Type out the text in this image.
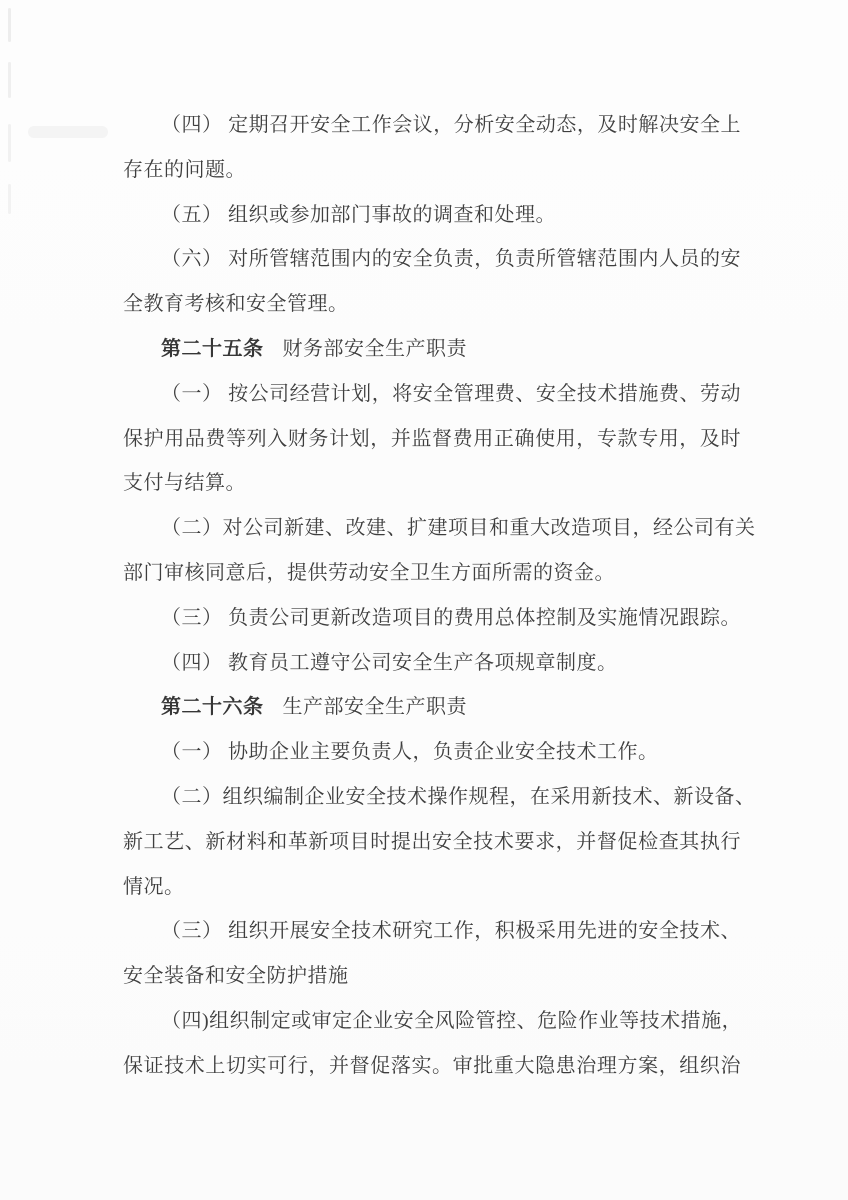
（四） 定期召开安全工作会议，分析安全动态，及时解决安全上
存在的问题。
（五） 组织或参加部门事故的调查和处理。
（六） 对所管辖范围内的安全负责，负责所管辖范围内人员的安
全教育考核和安全管理。
第二十五条 财务部安全生产职责
（一） 按公司经营计划，将安全管理费、安全技术措施费、劳动
保护用品费等列入财务计划，并监督费用正确使用，专款专用，及时
支付与结算。
（二）对公司新建、改建、扩建项目和重大改造项目，经公司有关
部门审核同意后，提供劳动安全卫生方面所需的资金。
（三） 负责公司更新改造项目的费用总体控制及实施情况跟踪。
（四） 教育员工遵守公司安全生产各项规章制度。
第二十六条 生产部安全生产职责
（一） 协助企业主要负责人，负责企业安全技术工作。
（二）组织编制企业安全技术操作规程，在采用新技术、新设备、
新工艺、新材料和革新项目时提出安全技术要求，并督促检查其执行
情况。
（三） 组织开展安全技术研究工作，积极采用先进的安全技术、
安全装备和安全防护措施
（四)组织制定或审定企业安全风险管控、危险作业等技术措施，
保证技术上切实可行，并督促落实。审批重大隐患治理方案，组织治
